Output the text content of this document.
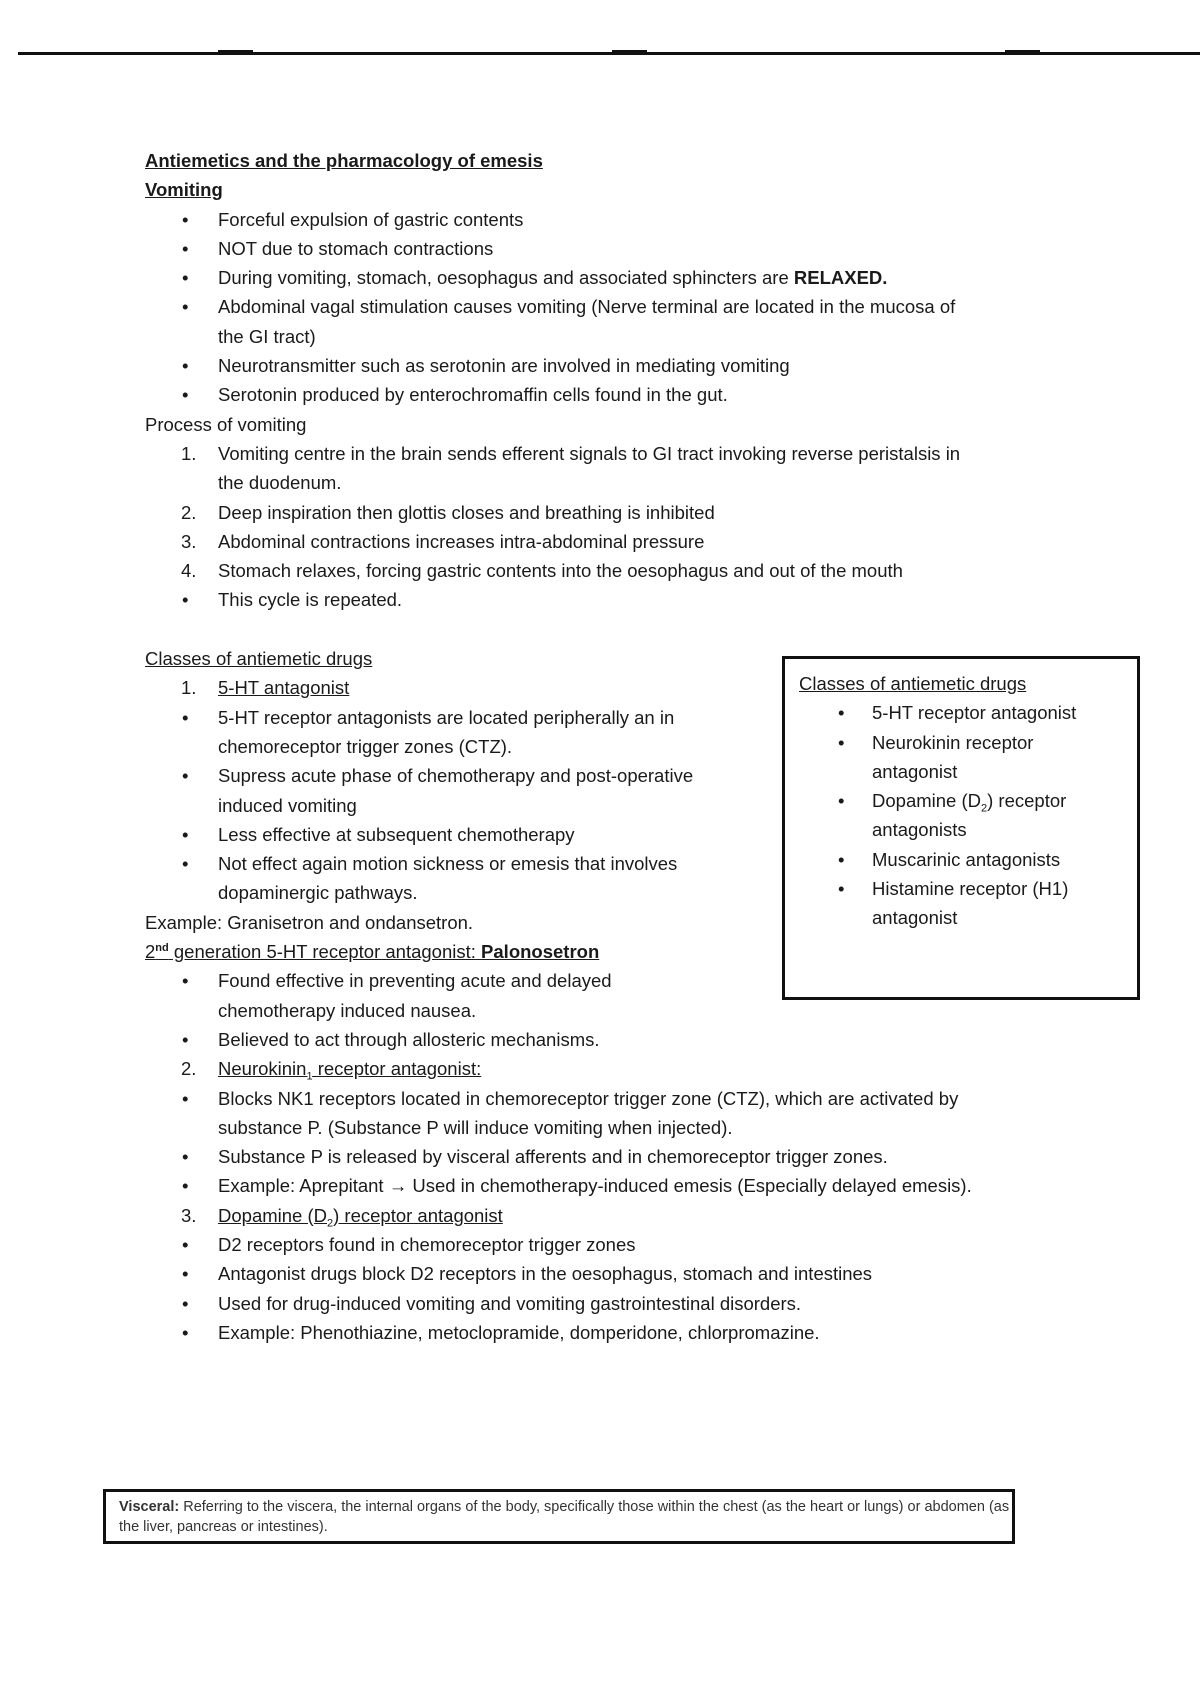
Antiemetics and the pharmacology of emesis
Vomiting
• Forceful expulsion of gastric contents
• NOT due to stomach contractions
• During vomiting, stomach, oesophagus and associated sphincters are RELAXED.
• Abdominal vagal stimulation causes vomiting (Nerve terminal are located in the mucosa of
the GI tract)
• Neurotransmitter such as serotonin are involved in mediating vomiting
• Serotonin produced by enterochromaffin cells found in the gut.
Process of vomiting
1. Vomiting centre in the brain sends efferent signals to GI tract invoking reverse peristalsis in
the duodenum.
2. Deep inspiration then glottis closes and breathing is inhibited
3. Abdominal contractions increases intra-abdominal pressure
4. Stomach relaxes, forcing gastric contents into the oesophagus and out of the mouth
• This cycle is repeated.

Classes of antiemetic drugs
1. 5-HT antagonist
• 5-HT receptor antagonists are located peripherally an in
chemoreceptor trigger zones (CTZ).
• Supress acute phase of chemotherapy and post-operative
induced vomiting
• Less effective at subsequent chemotherapy
• Not effect again motion sickness or emesis that involves
dopaminergic pathways.
Example: Granisetron and ondansetron.
2nd generation 5-HT receptor antagonist: Palonosetron
• Found effective in preventing acute and delayed
chemotherapy induced nausea.
• Believed to act through allosteric mechanisms.
2. Neurokinin$_1$ receptor antagonist:
• Blocks NK1 receptors located in chemoreceptor trigger zone (CTZ), which are activated by
substance P. (Substance P will induce vomiting when injected).
• Substance P is released by visceral afferents and in chemoreceptor trigger zones.
• Example: Aprepitant → Used in chemotherapy-induced emesis (Especially delayed emesis).
3. Dopamine $(D_2)$ receptor antagonist
• D2 receptors found in chemoreceptor trigger zones
• Antagonist drugs block D2 receptors in the oesophagus, stomach and intestines
• Used for drug-induced vomiting and vomiting gastrointestinal disorders.
• Example: Phenothiazine, metoclopramide, domperidone, chlorpromazine.
Classes of antiemetic drugs
• 5-HT receptor antagonist
• Neurokinin receptor
antagonist
• Dopamine $(D_2)$ receptor
antagonists
• Muscarinic antagonists
• Histamine receptor (H1)
antagonist
Visceral: Referring to the viscera, the internal organs of the body, specifically those within the chest (as the heart or lungs) or abdomen (as the liver, pancreas or intestines).
